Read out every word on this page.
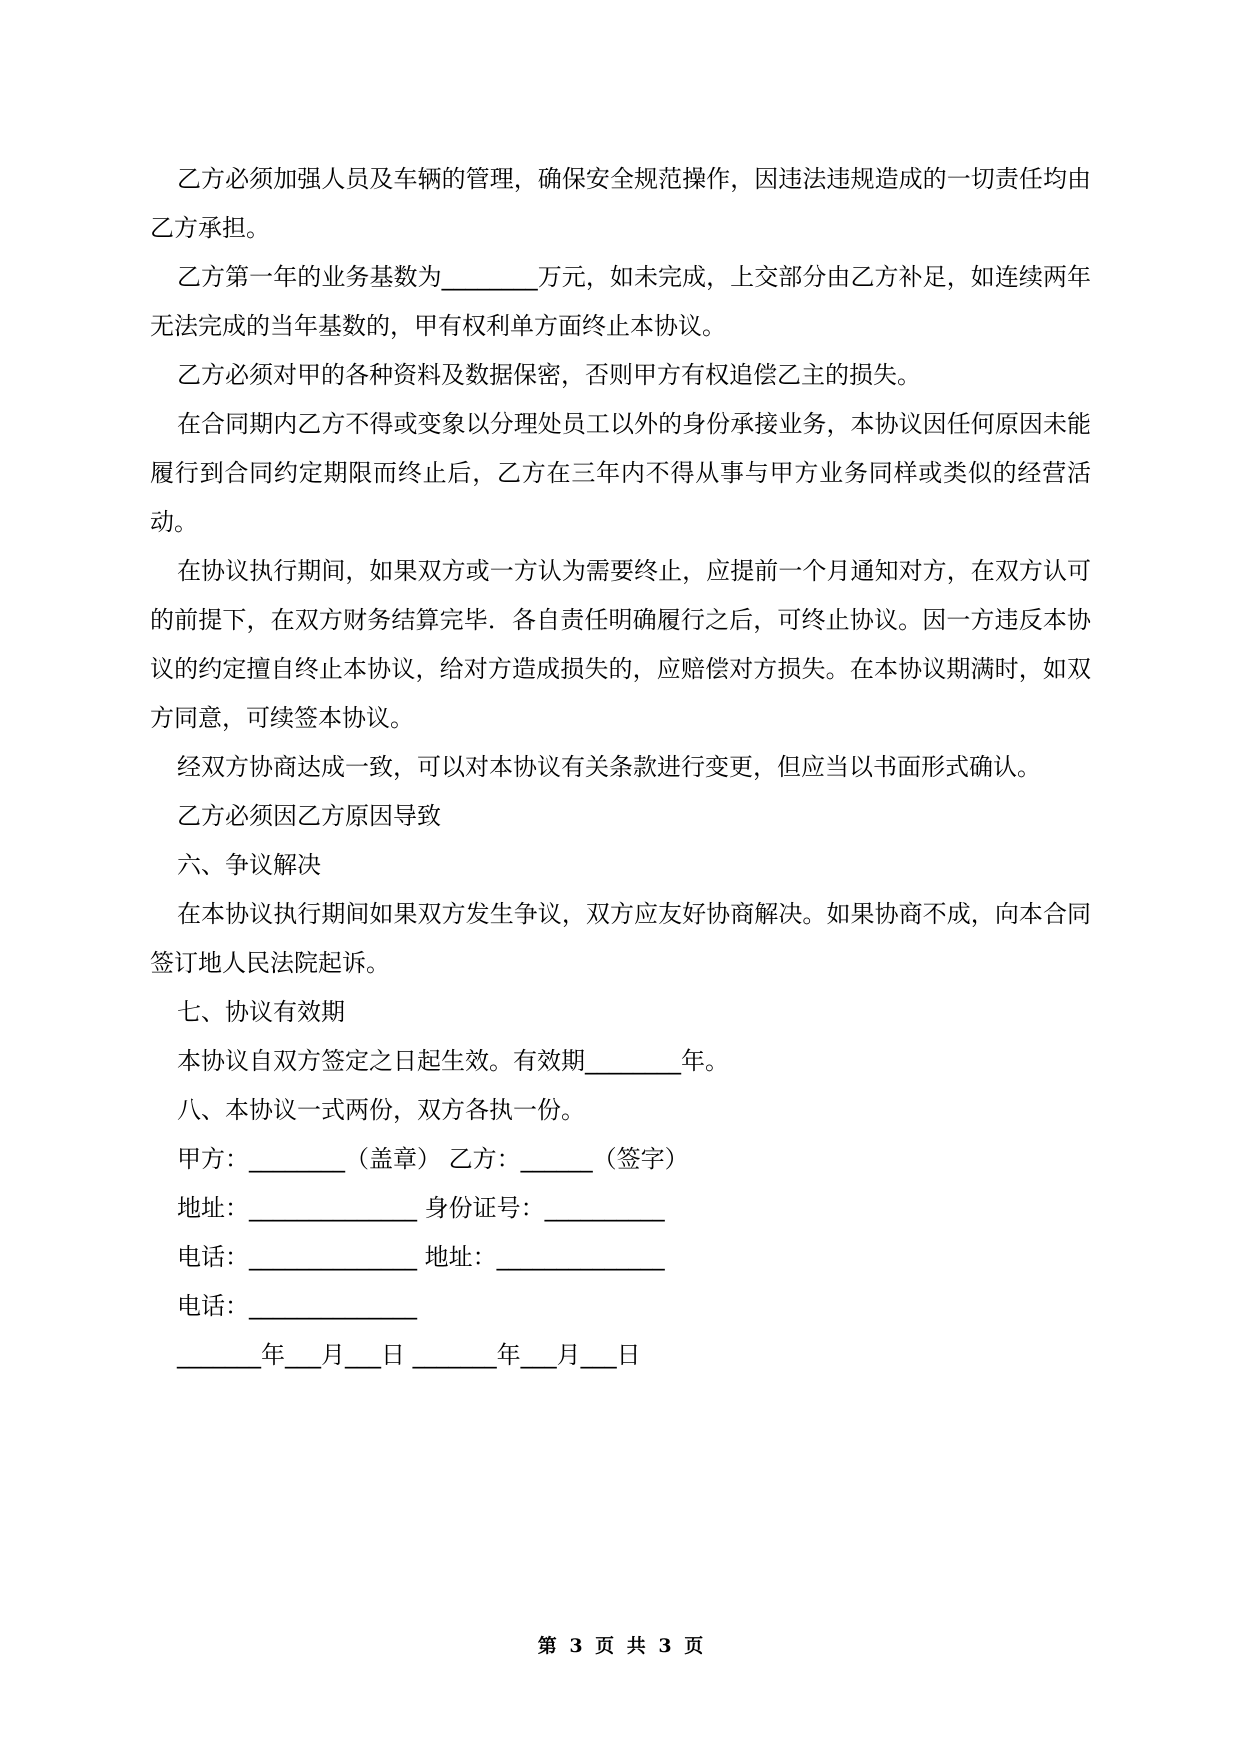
乙方必须加强人员及车辆的管理，确保安全规范操作，因违法违规造成的一切责任均由乙方承担。

乙方第一年的业务基数为________万元，如未完成，上交部分由乙方补足，如连续两年无法完成的当年基数的，甲有权利单方面终止本协议。

乙方必须对甲的各种资料及数据保密，否则甲方有权追偿乙主的损失。

在合同期内乙方不得或变象以分理处员工以外的身份承接业务，本协议因任何原因未能履行到合同约定期限而终止后，乙方在三年内不得从事与甲方业务同样或类似的经营活动。

在协议执行期间，如果双方或一方认为需要终止，应提前一个月通知对方，在双方认可的前提下，在双方财务结算完毕．各自责任明确履行之后，可终止协议。因一方违反本协议的约定擅自终止本协议，给对方造成损失的，应赔偿对方损失。在本协议期满时，如双方同意，可续签本协议。

经双方协商达成一致，可以对本协议有关条款进行变更，但应当以书面形式确认。

乙方必须因乙方原因导致

六、争议解决

在本协议执行期间如果双方发生争议，双方应友好协商解决。如果协商不成，向本合同签订地人民法院起诉。

七、协议有效期

本协议自双方签定之日起生效。有效期________年。

八、本协议一式两份，双方各执一份。

甲方：________（盖章） 乙方：______（签字）

地址：______________ 身份证号：__________

电话：______________ 地址：______________

电话：______________

_______年___月___日 _______年___月___日

第 3 页 共 3 页
